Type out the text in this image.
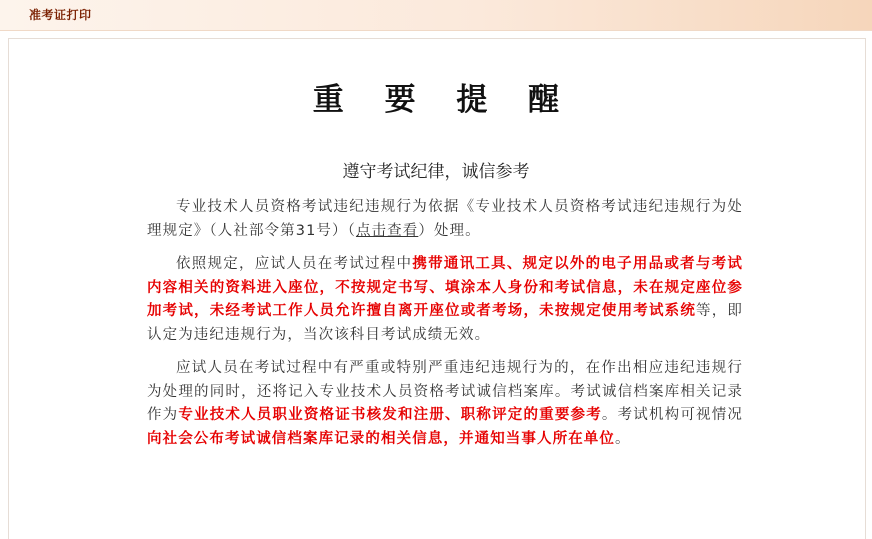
准考证打印
重 要 提 醒
遵守考试纪律，诚信参考

专业技术人员资格考试违纪违规行为依据《专业技术人员资格考试违纪违规行为处理规定》（人社部令第31号）（点击查看）处理。

依照规定，应试人员在考试过程中携带通讯工具、规定以外的电子用品或者与考试内容相关的资料进入座位，不按规定书写、填涂本人身份和考试信息，未在规定座位参加考试，未经考试工作人员允许擅自离开座位或者考场，未按规定使用考试系统等，即认定为违纪违规行为，当次该科目考试成绩无效。

应试人员在考试过程中有严重或特别严重违纪违规行为的，在作出相应违纪违规行为处理的同时，还将记入专业技术人员资格考试诚信档案库。考试诚信档案库相关记录作为专业技术人员职业资格证书核发和注册、职称评定的重要参考。考试机构可视情况向社会公布考试诚信档案库记录的相关信息，并通知当事人所在单位。
